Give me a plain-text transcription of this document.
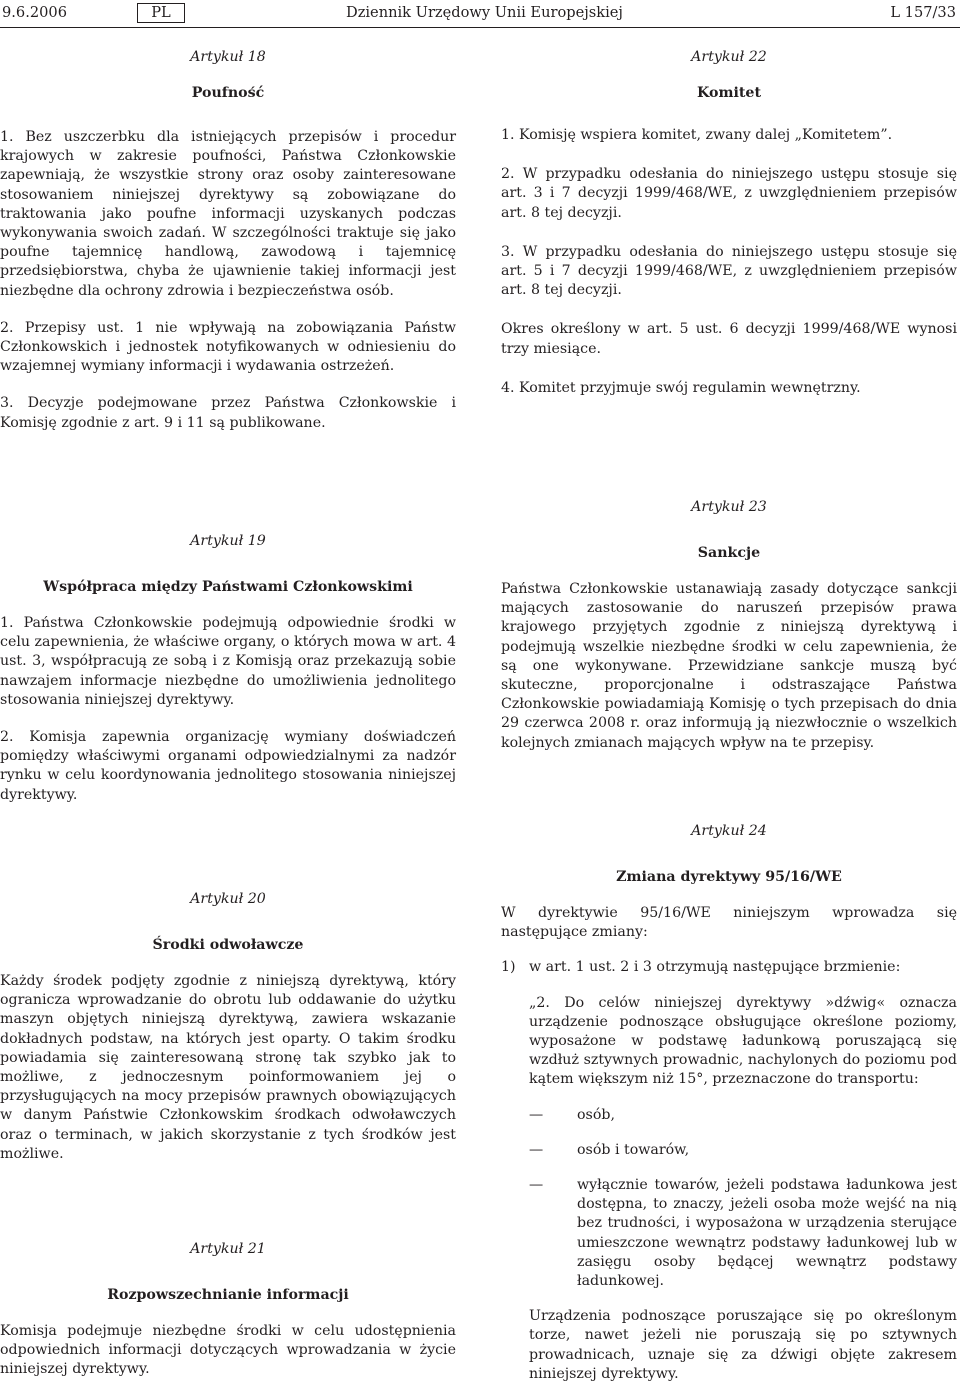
9.6.2006	PL	Dziennik Urzędowy Unii Europejskiej	L 157/33
Artykuł 18
Poufność

1. Bez uszczerbku dla istniejących przepisów i procedur krajowych w zakresie poufności, Państwa Członkowskie zapewniają, że wszystkie strony oraz osoby zainteresowane stosowaniem niniejszej dyrektywy są zobowiązane do traktowania jako poufne informacji uzyskanych podczas wykonywania swoich zadań. W szczególności traktuje się jako poufne tajemnicę handlową, zawodową i tajemnicę przedsiębiorstwa, chyba że ujawnienie takiej informacji jest niezbędne dla ochrony zdrowia i bezpieczeństwa osób.

2. Przepisy ust. 1 nie wpływają na zobowiązania Państw Członkowskich i jednostek notyfikowanych w odniesieniu do wzajemnej wymiany informacji i wydawania ostrzeżeń.

3. Decyzje podejmowane przez Państwa Członkowskie i Komisję zgodnie z art. 9 i 11 są publikowane.

Artykuł 19
Współpraca między Państwami Członkowskimi

1. Państwa Członkowskie podejmują odpowiednie środki w celu zapewnienia, że właściwe organy, o których mowa w art. 4 ust. 3, współpracują ze sobą i z Komisją oraz przekazują sobie nawzajem informacje niezbędne do umożliwienia jednolitego stosowania niniejszej dyrektywy.

2. Komisja zapewnia organizację wymiany doświadczeń pomiędzy właściwymi organami odpowiedzialnymi za nadzór rynku w celu koordynowania jednolitego stosowania niniejszej dyrektywy.

Artykuł 20
Środki odwoławcze

Każdy środek podjęty zgodnie z niniejszą dyrektywą, który ogranicza wprowadzanie do obrotu lub oddawanie do użytku maszyn objętych niniejszą dyrektywą, zawiera wskazanie dokładnych podstaw, na których jest oparty. O takim środku powiadamia się zainteresowaną stronę tak szybko jak to możliwe, z jednoczesnym poinformowaniem jej o przysługujących na mocy przepisów prawnych obowiązujących w danym Państwie Członkowskim środkach odwoławczych oraz o terminach, w jakich skorzystanie z tych środków jest możliwe.

Artykuł 21
Rozpowszechnianie informacji

Komisja podejmuje niezbędne środki w celu udostępnienia odpowiednich informacji dotyczących wprowadzania w życie niniejszej dyrektywy.

Artykuł 22
Komitet

1. Komisję wspiera komitet, zwany dalej „Komitetem”.

2. W przypadku odesłania do niniejszego ustępu stosuje się art. 3 i 7 decyzji 1999/468/WE, z uwzględnieniem przepisów art. 8 tej decyzji.

3. W przypadku odesłania do niniejszego ustępu stosuje się art. 5 i 7 decyzji 1999/468/WE, z uwzględnieniem przepisów art. 8 tej decyzji.

Okres określony w art. 5 ust. 6 decyzji 1999/468/WE wynosi trzy miesiące.

4. Komitet przyjmuje swój regulamin wewnętrzny.

Artykuł 23
Sankcje

Państwa Członkowskie ustanawiają zasady dotyczące sankcji mających zastosowanie do naruszeń przepisów prawa krajowego przyjętych zgodnie z niniejszą dyrektywą i podejmują wszelkie niezbędne środki w celu zapewnienia, że są one wykonywane. Przewidziane sankcje muszą być skuteczne, proporcjonalne i odstraszające Państwa Członkowskie powiadamiają Komisję o tych przepisach do dnia 29 czerwca 2008 r. oraz informują ją niezwłocznie o wszelkich kolejnych zmianach mających wpływ na te przepisy.

Artykuł 24
Zmiana dyrektywy 95/16/WE

W dyrektywie 95/16/WE niniejszym wprowadza się następujące zmiany:

1) w art. 1 ust. 2 i 3 otrzymują następujące brzmienie:

„2. Do celów niniejszej dyrektywy »dźwig« oznacza urządzenie podnoszące obsługujące określone poziomy, wyposażone w podstawę ładunkową poruszającą się wzdłuż sztywnych prowadnic, nachylonych do poziomu pod kątem większym niż 15°, przeznaczone do transportu:

—	osób,
—	osób i towarów,
—	wyłącznie towarów, jeżeli podstawa ładunkowa jest dostępna, to znaczy, jeżeli osoba może wejść na nią bez trudności, i wyposażona w urządzenia sterujące umieszczone wewnątrz podstawy ładunkowej lub w zasięgu osoby będącej wewnątrz podstawy ładunkowej.

Urządzenia podnoszące poruszające się po określonym torze, nawet jeżeli nie poruszają się po sztywnych prowadnicach, uznaje się za dźwigi objęte zakresem niniejszej dyrektywy.
